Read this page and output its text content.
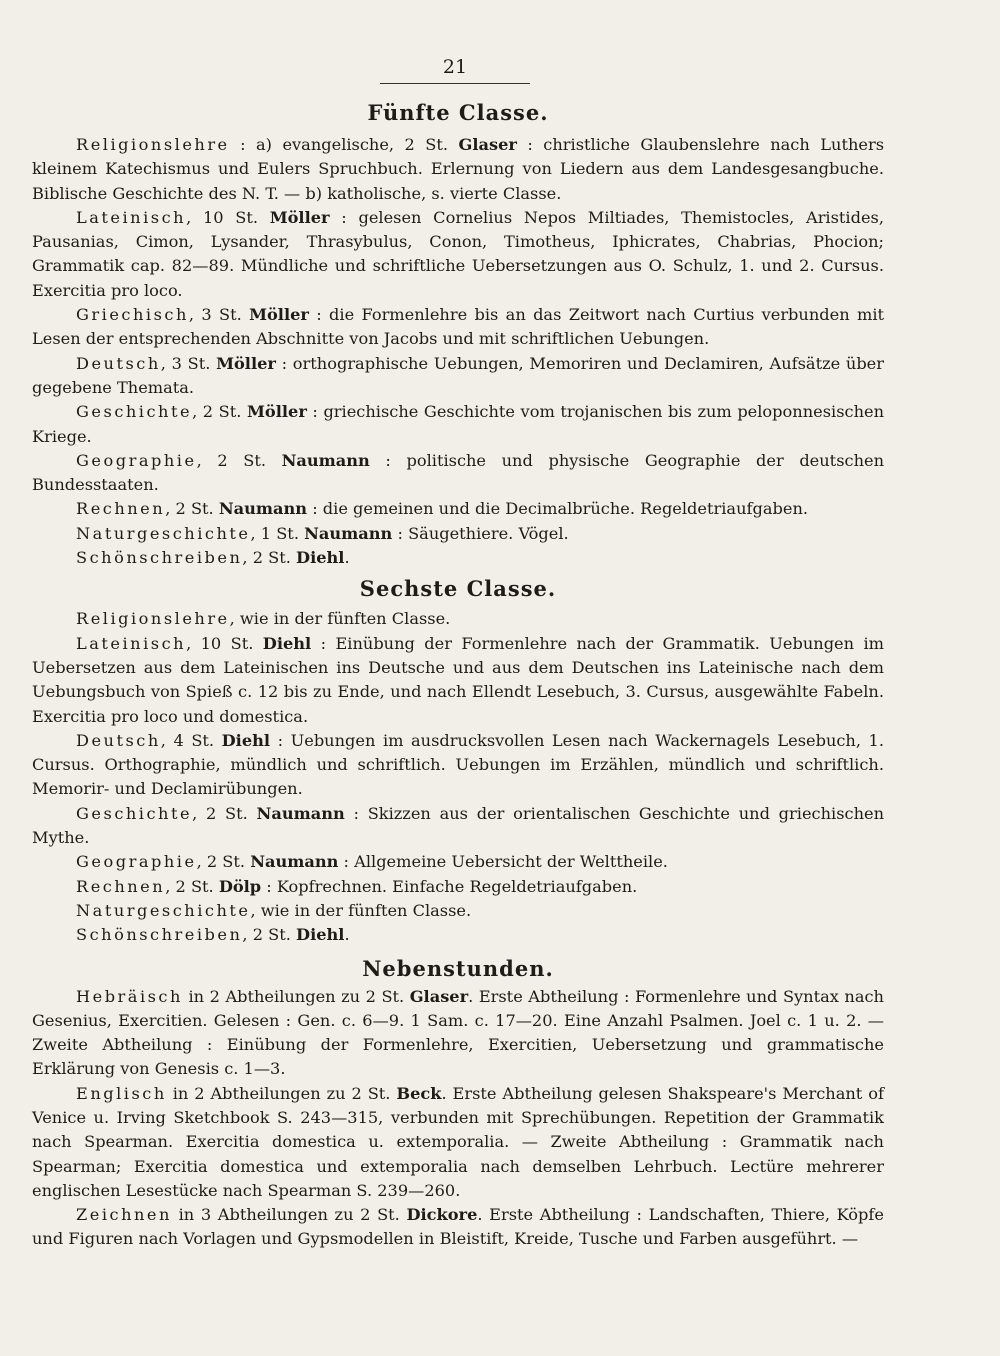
21
Fünfte Classe.

Religionslehre : a) evangelische, 2 St. Glaser : christliche Glaubenslehre nach Luthers kleinem Katechismus und Eulers Spruchbuch. Erlernung von Liedern aus dem Landesgesangbuche. Biblische Geschichte des N. T. — b) katholische, s. vierte Classe.

Lateinisch, 10 St. Möller : gelesen Cornelius Nepos Miltiades, Themistocles, Aristides, Pausanias, Cimon, Lysander, Thrasybulus, Conon, Timotheus, Iphicrates, Chabrias, Phocion; Grammatik cap. 82—89. Mündliche und schriftliche Uebersetzungen aus O. Schulz, 1. und 2. Cursus. Exercitia pro loco.

Griechisch, 3 St. Möller : die Formenlehre bis an das Zeitwort nach Curtius verbunden mit Lesen der entsprechenden Abschnitte von Jacobs und mit schriftlichen Uebungen.

Deutsch, 3 St. Möller : orthographische Uebungen, Memoriren und Declamiren, Aufsätze über gegebene Themata.

Geschichte, 2 St. Möller : griechische Geschichte vom trojanischen bis zum peloponnesischen Kriege.

Geographie, 2 St. Naumann : politische und physische Geographie der deutschen Bundesstaaten.

Rechnen, 2 St. Naumann : die gemeinen und die Decimalbrüche. Regeldetriaufgaben.

Naturgeschichte, 1 St. Naumann : Säugethiere. Vögel.

Schönschreiben, 2 St. Diehl.

Sechste Classe.

Religionslehre, wie in der fünften Classe.

Lateinisch, 10 St. Diehl : Einübung der Formenlehre nach der Grammatik. Uebungen im Uebersetzen aus dem Lateinischen ins Deutsche und aus dem Deutschen ins Lateinische nach dem Uebungsbuch von Spieß c. 12 bis zu Ende, und nach Ellendt Lesebuch, 3. Cursus, ausgewählte Fabeln. Exercitia pro loco und domestica.

Deutsch, 4 St. Diehl : Uebungen im ausdrucksvollen Lesen nach Wackernagels Lesebuch, 1. Cursus. Orthographie, mündlich und schriftlich. Uebungen im Erzählen, mündlich und schriftlich. Memorir- und Declamirübungen.

Geschichte, 2 St. Naumann : Skizzen aus der orientalischen Geschichte und griechischen Mythe.

Geographie, 2 St. Naumann : Allgemeine Uebersicht der Welttheile.

Rechnen, 2 St. Dölp : Kopfrechnen. Einfache Regeldetriaufgaben.

Naturgeschichte, wie in der fünften Classe.

Schönschreiben, 2 St. Diehl.

Nebenstunden.

Hebräisch in 2 Abtheilungen zu 2 St. Glaser. Erste Abtheilung : Formenlehre und Syntax nach Gesenius, Exercitien. Gelesen : Gen. c. 6—9. 1 Sam. c. 17—20. Eine Anzahl Psalmen. Joel c. 1 u. 2. — Zweite Abtheilung : Einübung der Formenlehre, Exercitien, Uebersetzung und grammatische Erklärung von Genesis c. 1—3.

Englisch in 2 Abtheilungen zu 2 St. Beck. Erste Abtheilung gelesen Shakspeare's Merchant of Venice u. Irving Sketchbook S. 243—315, verbunden mit Sprechübungen. Repetition der Grammatik nach Spearman. Exercitia domestica u. extemporalia. — Zweite Abtheilung : Grammatik nach Spearman; Exercitia domestica und extemporalia nach demselben Lehrbuch. Lectüre mehrerer englischen Lesestücke nach Spearman S. 239—260.

Zeichnen in 3 Abtheilungen zu 2 St. Dickore. Erste Abtheilung : Landschaften, Thiere, Köpfe und Figuren nach Vorlagen und Gypsmodellen in Bleistift, Kreide, Tusche und Farben ausgeführt. —
